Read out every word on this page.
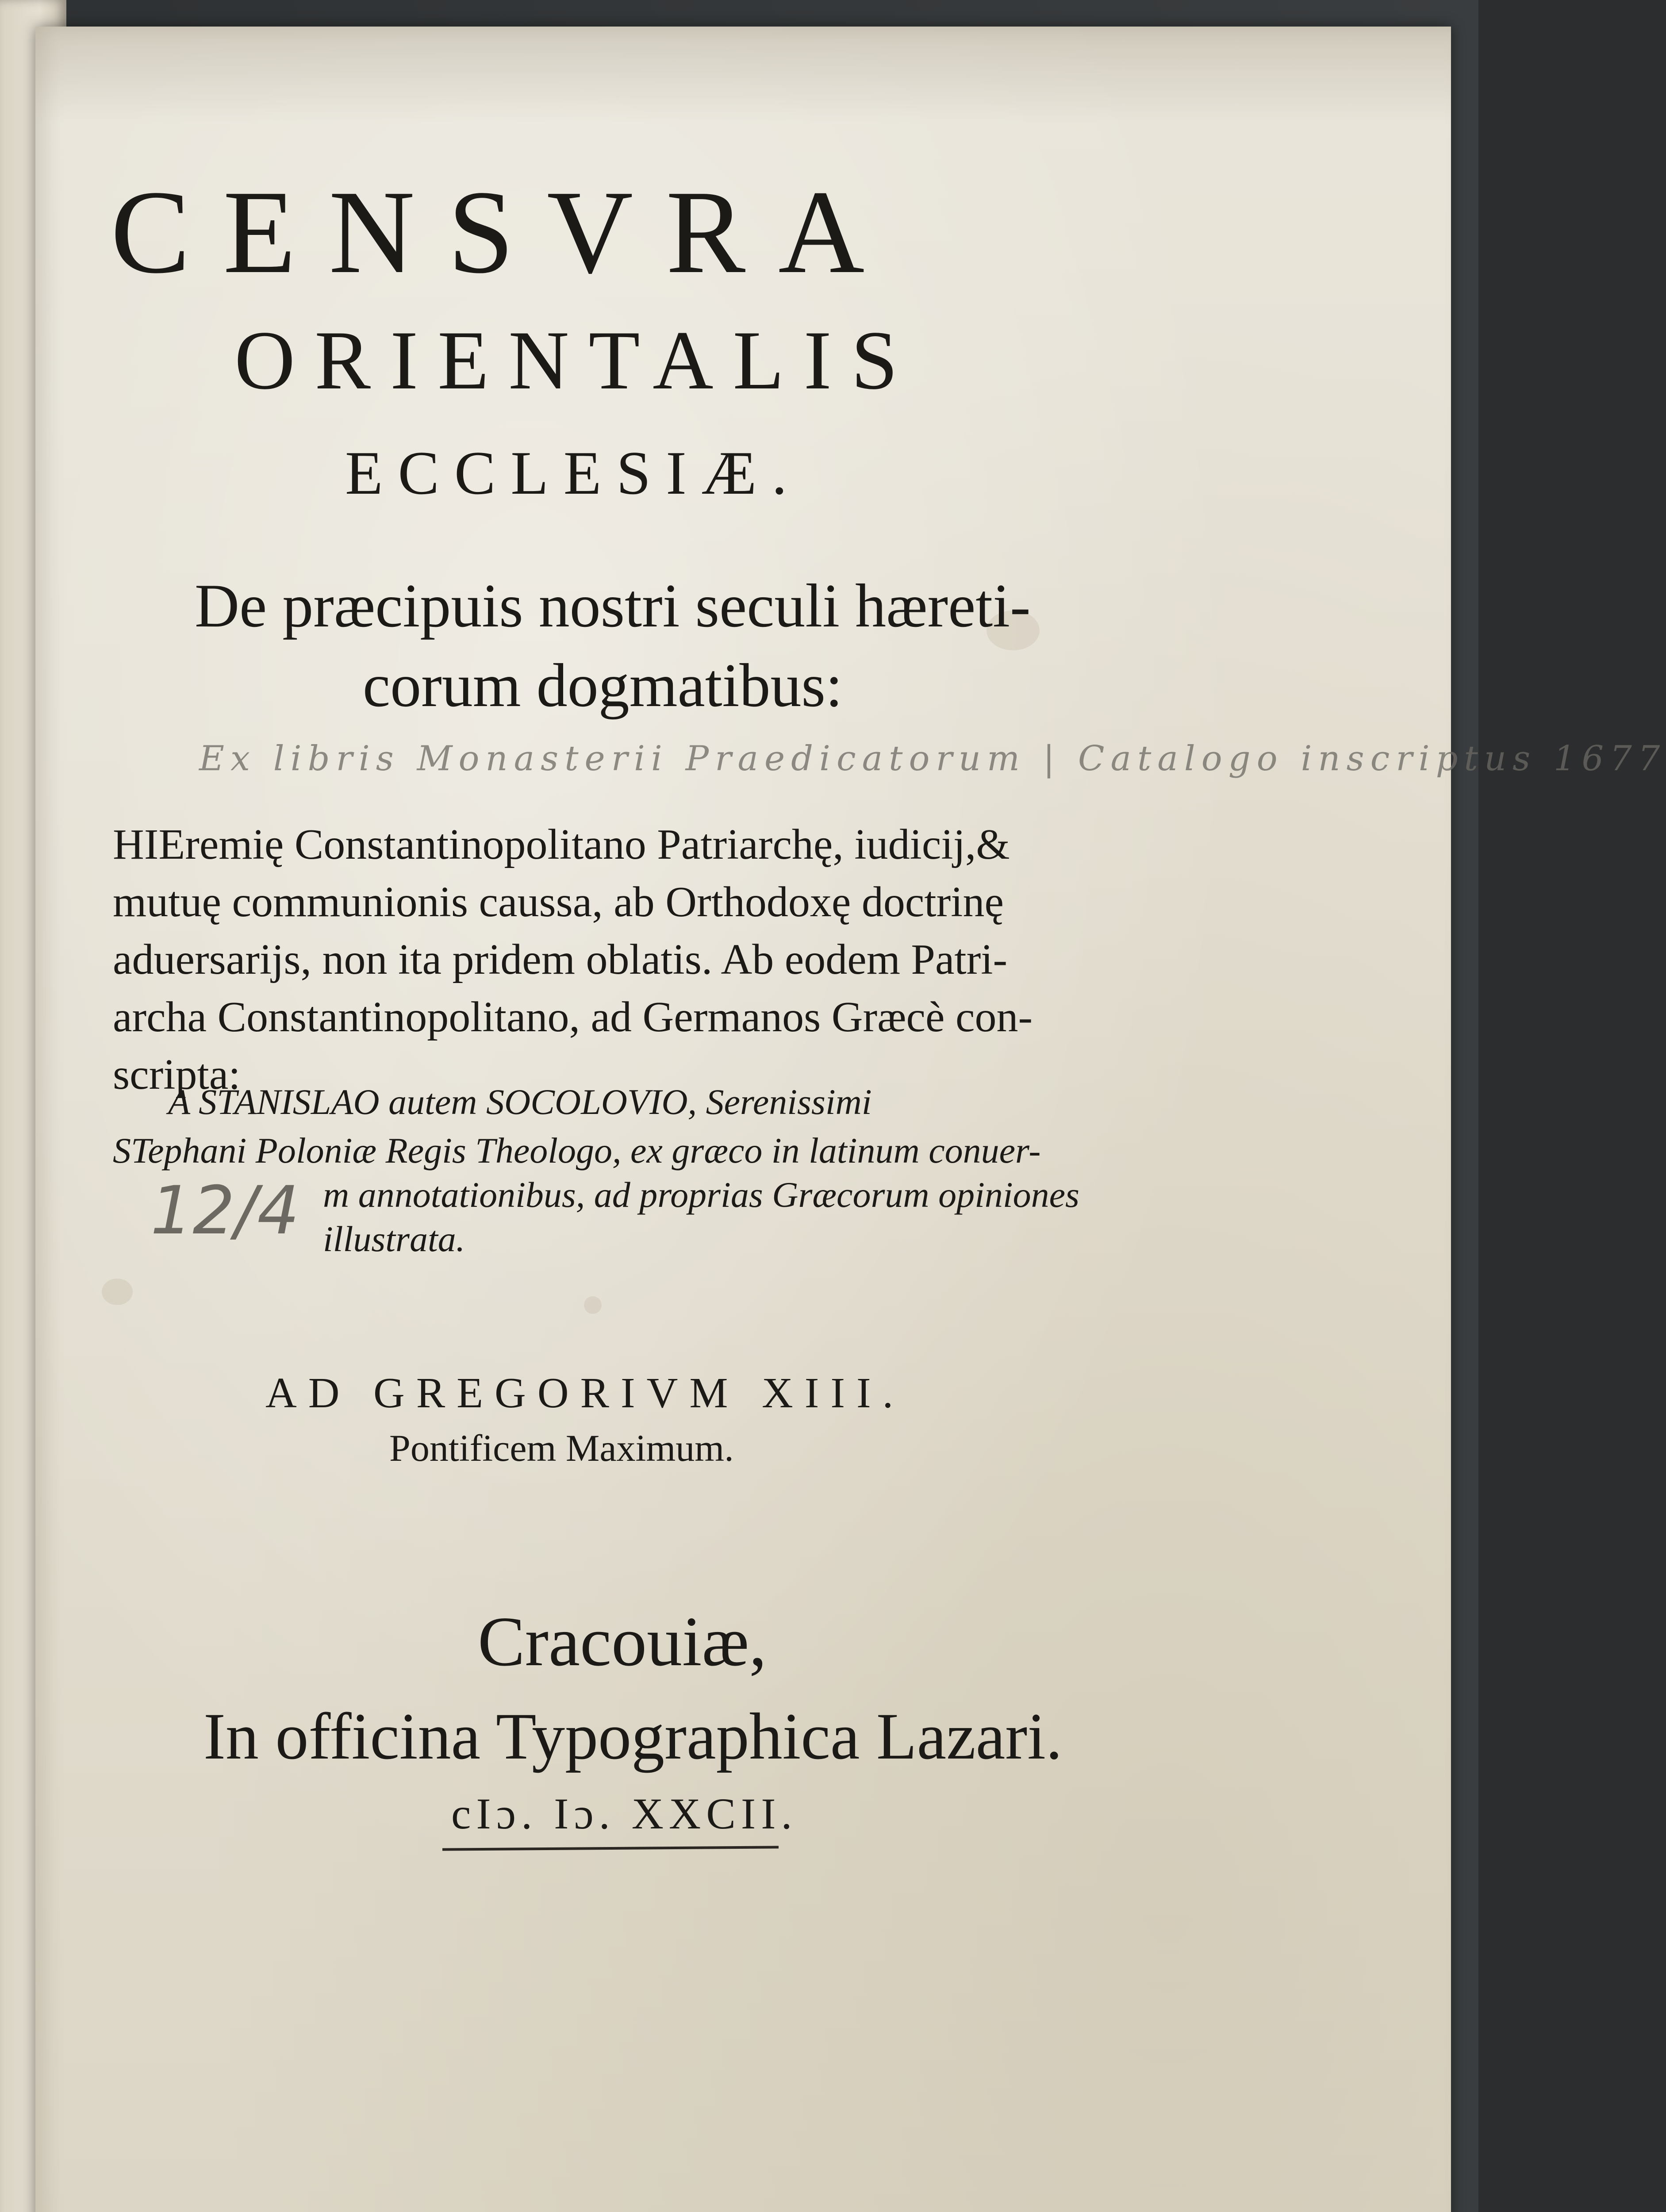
CENSVRA
ORIENTALIS
ECCLESIÆ.
De præcipuis nostri seculi hæreti-
corum dogmatibus:
Ex libris Monasterii Praedicatorum | Catalogo inscriptus 1677
HIEremię Constantinopolitano Patriarchę, iudicij,&
mutuę communionis caussa, ab Orthodoxę doctrinę
aduersarijs, non ita pridem oblatis. Ab eodem Patri-
archa Constantinopolitano, ad Germanos Græcè con-
scripta:
A STANISLAO autem SOCOLOVIO, Serenissimi
STephani Poloniæ Regis Theologo, ex græco in latinum conuer-
m annotationibus, ad proprias Græcorum opiniones
illustrata.
12/4
AD GREGORIVM XIII.
Pontificem Maximum.
Cracouiæ,
In officina Typographica Lazari.
cIɔ. Iɔ. XXCII.
